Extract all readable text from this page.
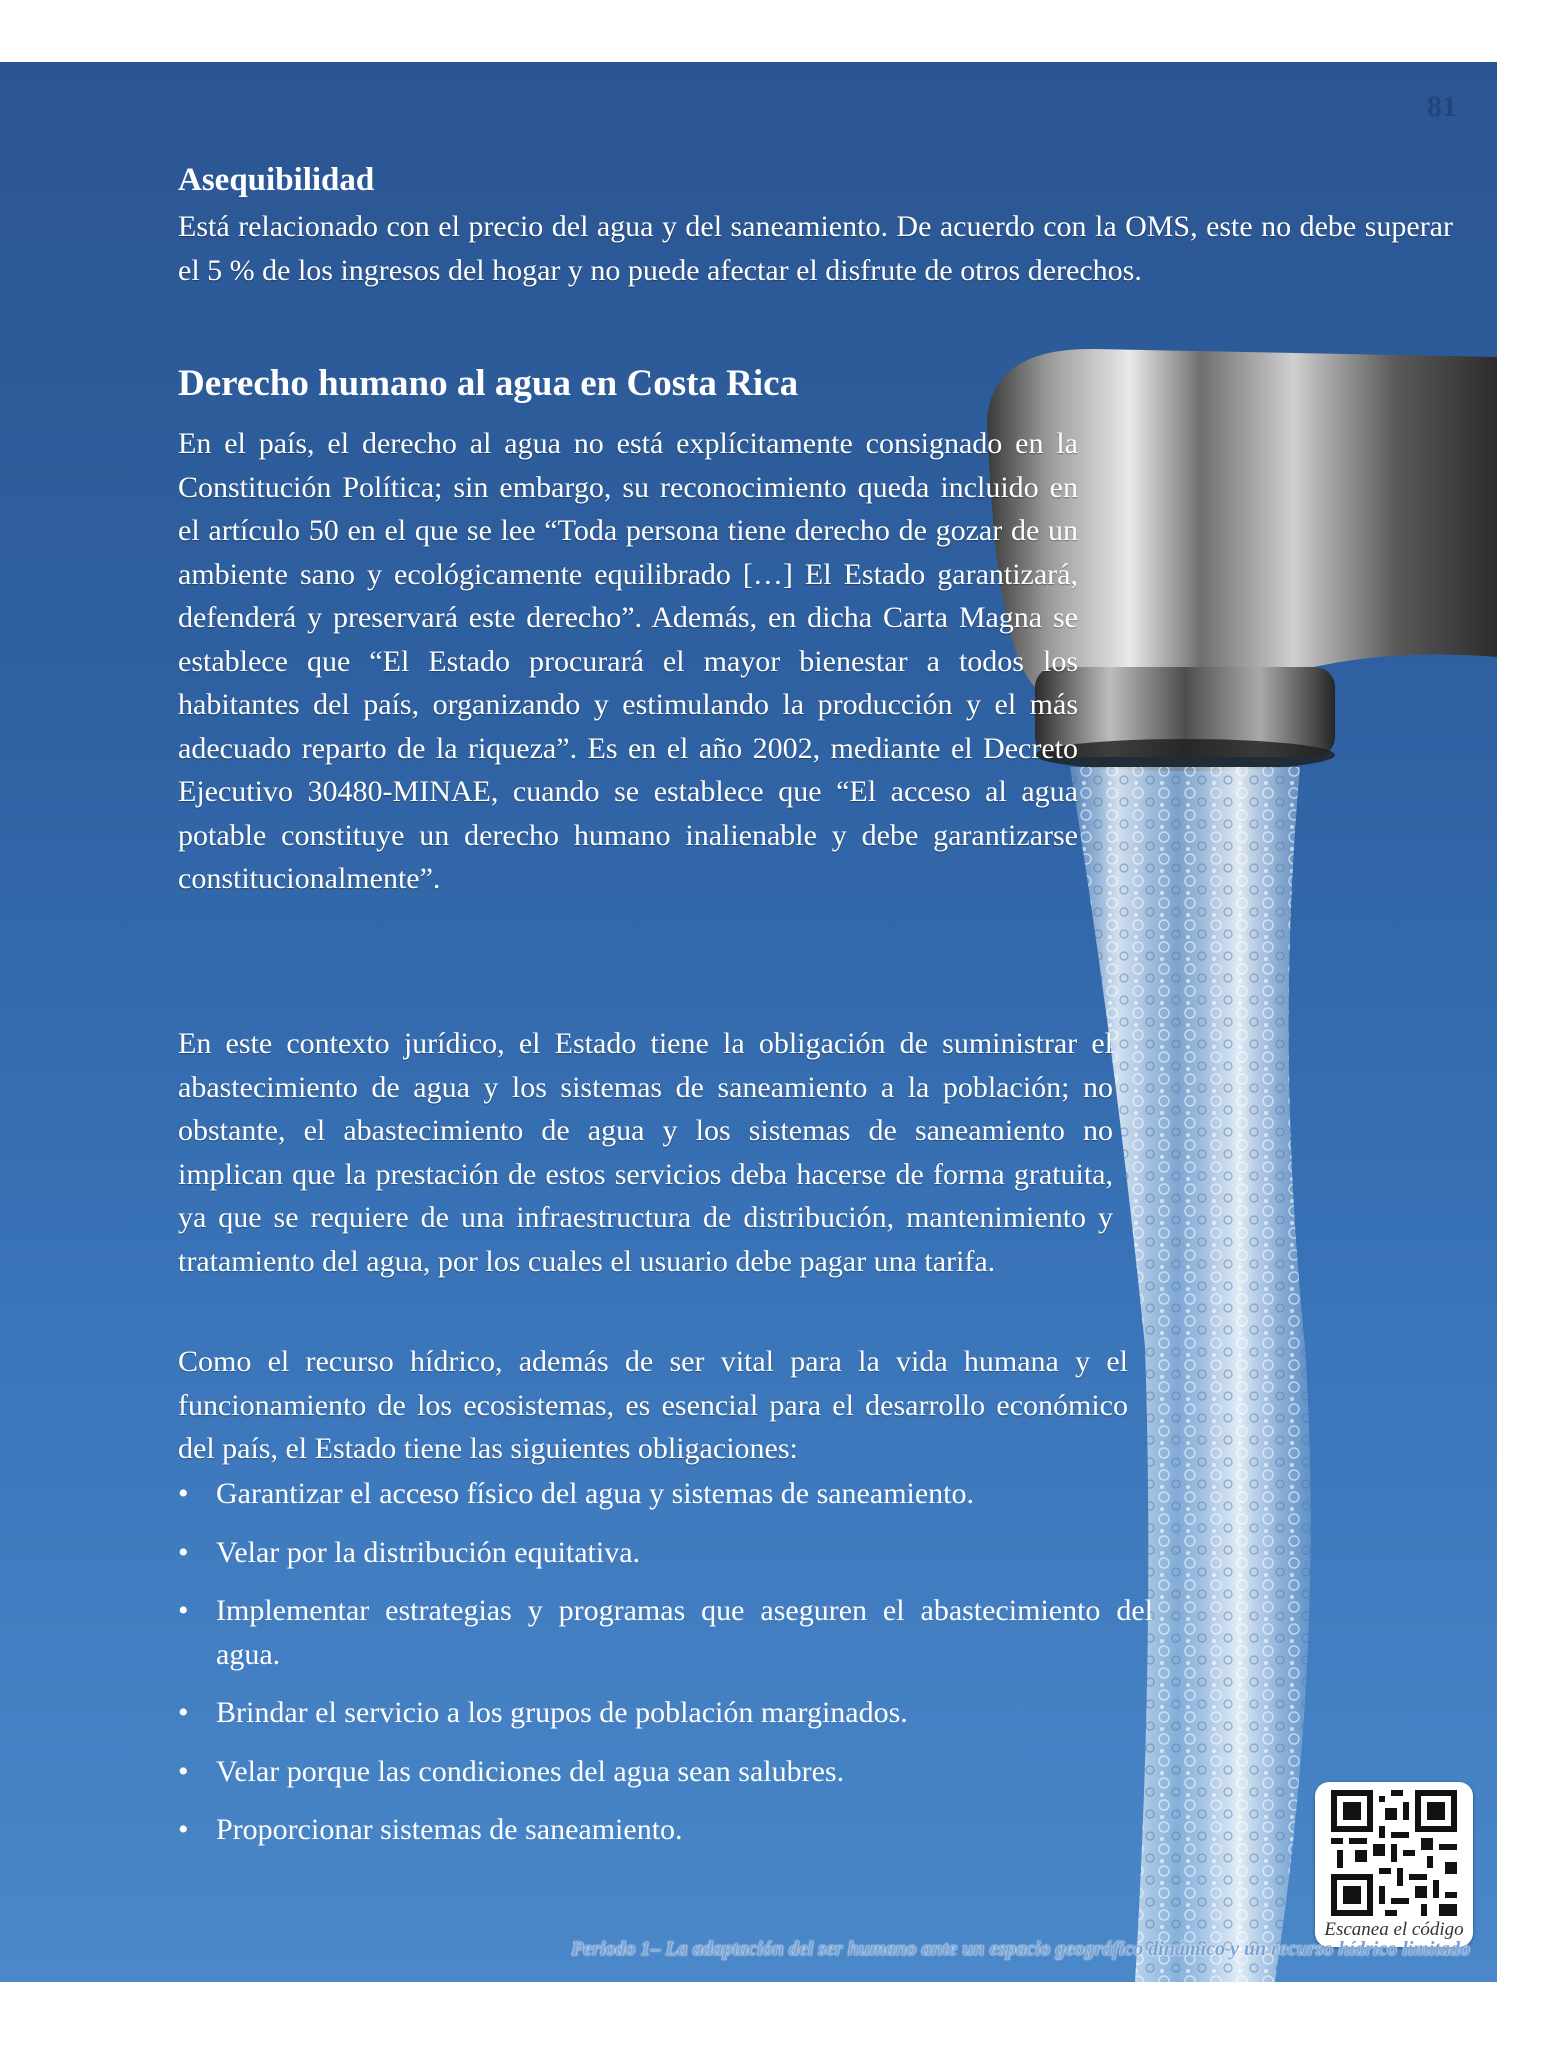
81
Asequibilidad
Está relacionado con el precio del agua y del saneamiento. De acuerdo con la OMS, este no debe superar el 5 % de los ingresos del hogar y no puede afectar el disfrute de otros derechos.
Derecho humano al agua en Costa Rica
En el país, el derecho al agua no está explícitamente consignado en la Constitución Política; sin embargo, su reconocimiento queda incluido en el artículo 50 en el que se lee “Toda persona tiene derecho de gozar de un ambiente sano y ecológicamente equilibrado […] El Estado garantizará, defenderá y preservará este derecho”. Además, en dicha Carta Magna se establece que “El Estado procurará el mayor bienestar a todos los habitantes del país, organizando y estimulando la producción y el más adecuado reparto de la riqueza”. Es en el año 2002, mediante el Decreto Ejecutivo 30480-MINAE, cuando se establece que “El acceso al agua potable constituye un derecho humano inalienable y debe garantizarse constitucionalmente”.
En este contexto jurídico, el Estado tiene la obligación de suministrar el abastecimiento de agua y los sistemas de saneamiento a la población; no obstante, el abastecimiento de agua y los sistemas de saneamiento no implican que la prestación de estos servicios deba hacerse de forma gratuita, ya que se requiere de una infraestructura de distribución, mantenimiento y tratamiento del agua, por los cuales el usuario debe pagar una tarifa.
Como el recurso hídrico, además de ser vital para la vida humana y el funcionamiento de los ecosistemas, es esencial para el desarrollo económico del país, el Estado tiene las siguientes obligaciones:
• Garantizar el acceso físico del agua y sistemas de saneamiento.
• Velar por la distribución equitativa.
• Implementar estrategias y programas que aseguren el abastecimiento del agua.
• Brindar el servicio a los grupos de población marginados.
• Velar porque las condiciones del agua sean salubres.
• Proporcionar sistemas de saneamiento.
Escanea el código
Periodo 1– La adaptación del ser humano ante un espacio geográfico dinámico y un recurso hídrico limitado
